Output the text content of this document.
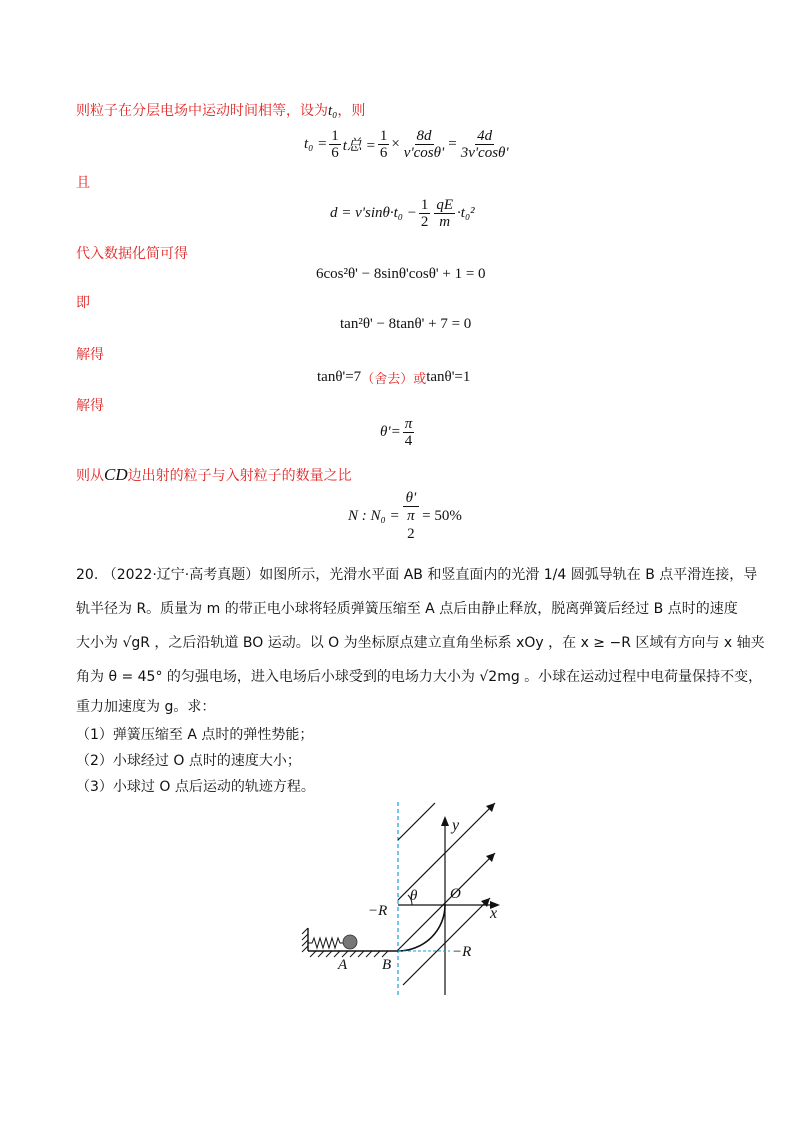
则粒子在分层电场中运动时间相等，设为t₀，则
$t_0 = \frac{1}{6}$ t总 = $\frac{1}{6} \times \frac{8d}{v'\cos\theta'} = \frac{4d}{3v'\cos\theta'}$
且
$d = v'\sin\theta\cdot t_0 - \frac{1}{2} \frac{qE}{m} \cdot t_0^2$
代入数据化简可得
6cos²θ' − 8sinθ'cosθ' + 1 = 0
即
tan²θ' − 8tanθ' + 7 = 0
解得
tanθ'=7 （舍去）或 tanθ'=1
解得
$\theta'= \frac{\pi}{4}$
则从CD边出射的粒子与入射粒子的数量之比
N : N₀ =
θ'
π
2
= 50%
20. （2022·辽宁·高考真题）如图所示，光滑水平面 AB 和竖直面内的光滑 1/4 圆弧导轨在 B 点平滑连接，导
轨半径为 R。质量为 m 的带正电小球将轻质弹簧压缩至 A 点后由静止释放，脱离弹簧后经过 B 点时的速度
大小为 √gR ，之后沿轨道 BO 运动。以 O 为坐标原点建立直角坐标系 xOy ，在 x ≥ −R 区域有方向与 x 轴夹
角为 θ = 45° 的匀强电场，进入电场后小球受到的电场力大小为 √2mg 。小球在运动过程中电荷量保持不变，
重力加速度为 g。求：
（1）弹簧压缩至 A 点时的弹性势能；
（2）小球经过 O 点时的速度大小；
（3）小球过 O 点后运动的轨迹方程。
y
x
θ O
−R
−R
A B
